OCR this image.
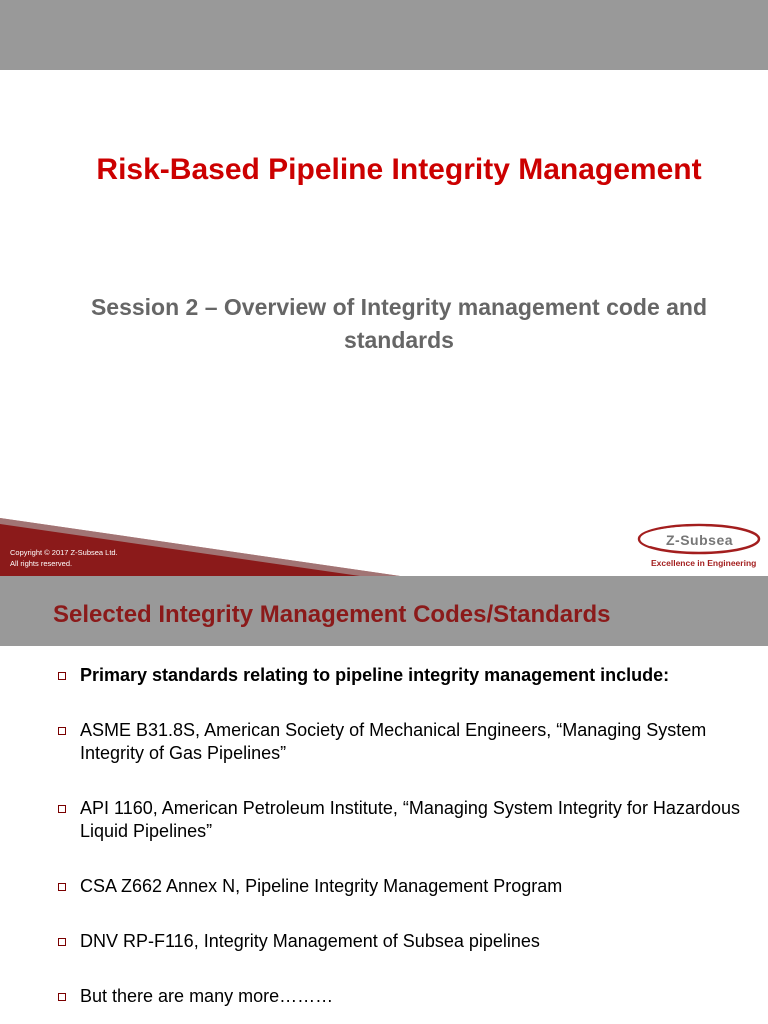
Risk-Based Pipeline Integrity Management
Session 2 – Overview of Integrity management code and standards
Copyright © 2017 Z-Subsea Ltd.
All rights reserved.
Z-Subsea
Excellence in Engineering
Selected Integrity Management Codes/Standards
Primary standards relating to pipeline integrity management include:
ASME B31.8S, American Society of Mechanical Engineers, “Managing System Integrity of Gas Pipelines”
API 1160, American Petroleum Institute, “Managing System Integrity for Hazardous Liquid Pipelines”
CSA Z662 Annex N, Pipeline Integrity Management Program
DNV RP-F116, Integrity Management of Subsea pipelines
But there are many more………
